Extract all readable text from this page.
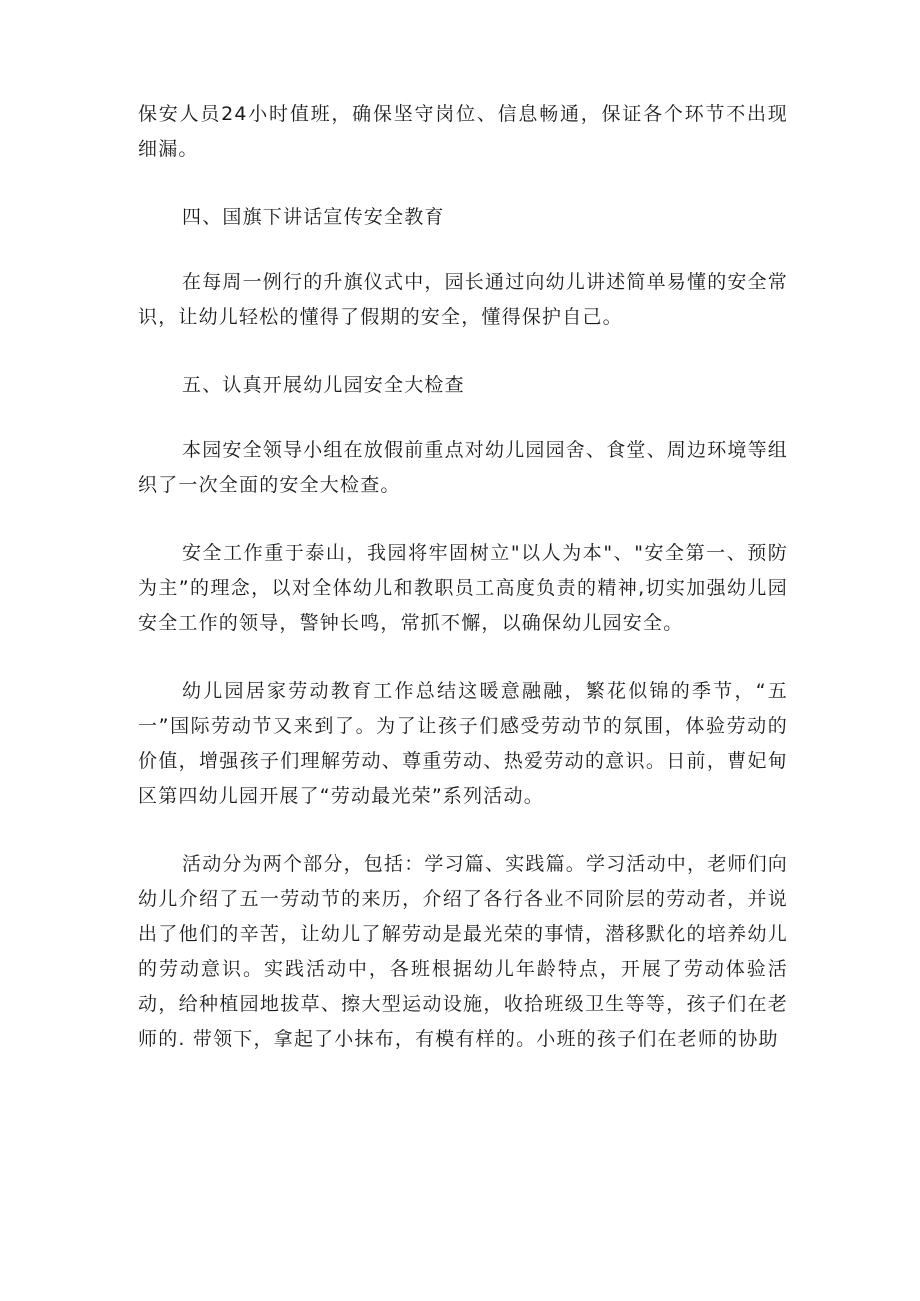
保安人员24小时值班，确保坚守岗位、信息畅通，保证各个环节不出现细漏。

四、国旗下讲话宣传安全教育

在每周一例行的升旗仪式中，园长通过向幼儿讲述简单易懂的安全常识，让幼儿轻松的懂得了假期的安全，懂得保护自己。

五、认真开展幼儿园安全大检查

本园安全领导小组在放假前重点对幼儿园园舍、食堂、周边环境等组织了一次全面的安全大检查。

安全工作重于泰山，我园将牢固树立"以人为本"、"安全第一、预防为主”的理念，以对全体幼儿和教职员工高度负责的精神,切实加强幼儿园安全工作的领导，警钟长鸣，常抓不懈，以确保幼儿园安全。

幼儿园居家劳动教育工作总结这暖意融融，繁花似锦的季节，“五一”国际劳动节又来到了。为了让孩子们感受劳动节的氛围，体验劳动的价值，增强孩子们理解劳动、尊重劳动、热爱劳动的意识。日前，曹妃甸区第四幼儿园开展了“劳动最光荣”系列活动。

活动分为两个部分，包括：学习篇、实践篇。学习活动中，老师们向幼儿介绍了五一劳动节的来历，介绍了各行各业不同阶层的劳动者，并说出了他们的辛苦，让幼儿了解劳动是最光荣的事情，潜移默化的培养幼儿的劳动意识。实践活动中，各班根据幼儿年龄特点，开展了劳动体验活动，给种植园地拔草、擦大型运动设施，收拾班级卫生等等，孩子们在老师的. 带领下，拿起了小抹布，有模有样的。小班的孩子们在老师的协助
